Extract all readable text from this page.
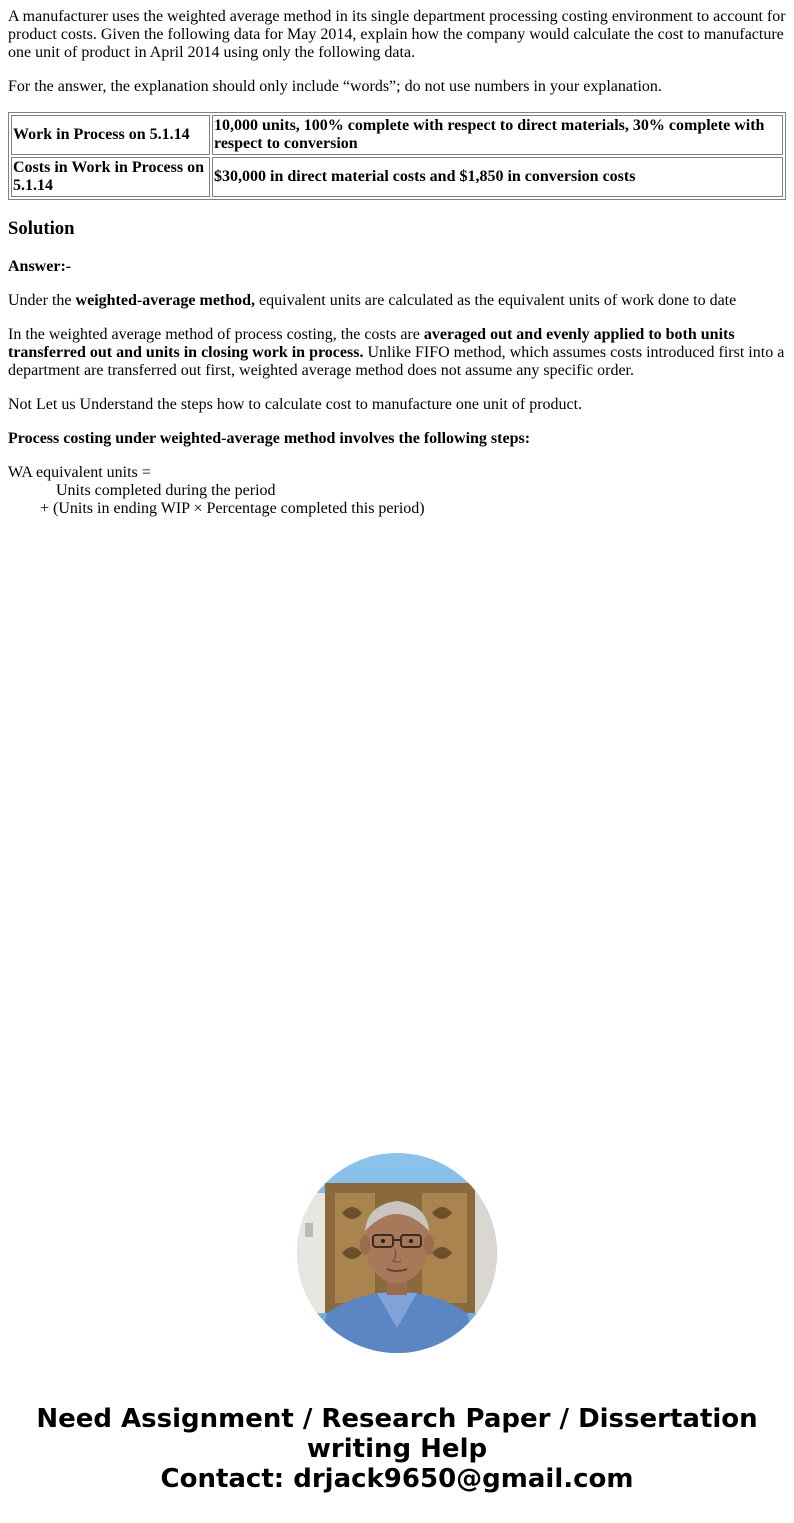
A manufacturer uses the weighted average method in its single department processing costing environment to account for product costs. Given the following data for May 2014, explain how the company would calculate the cost to manufacture one unit of product in April 2014 using only the following data.

For the answer, the explanation should only include “words”; do not use numbers in your explanation.

Work in Process on 5.1.14	10,000 units, 100% complete with respect to direct materials, 30% complete with respect to conversion
Costs in Work in Process on 5.1.14	$30,000 in direct material costs and $1,850 in conversion costs
Solution

Answer:-

Under the weighted-average method, equivalent units are calculated as the equivalent units of work done to date

In the weighted average method of process costing, the costs are averaged out and evenly applied to both units transferred out and units in closing work in process. Unlike FIFO method, which assumes costs introduced first into a department are transferred out first, weighted average method does not assume any specific order.

Not Let us Understand the steps how to calculate cost to manufacture one unit of product.

Process costing under weighted-average method involves the following steps:

WA equivalent units =

Units completed during the period

+ (Units in ending WIP × Percentage completed this period)

Need Assignment / Research Paper / Dissertation
writing Help
Contact: drjack9650@gmail.com
